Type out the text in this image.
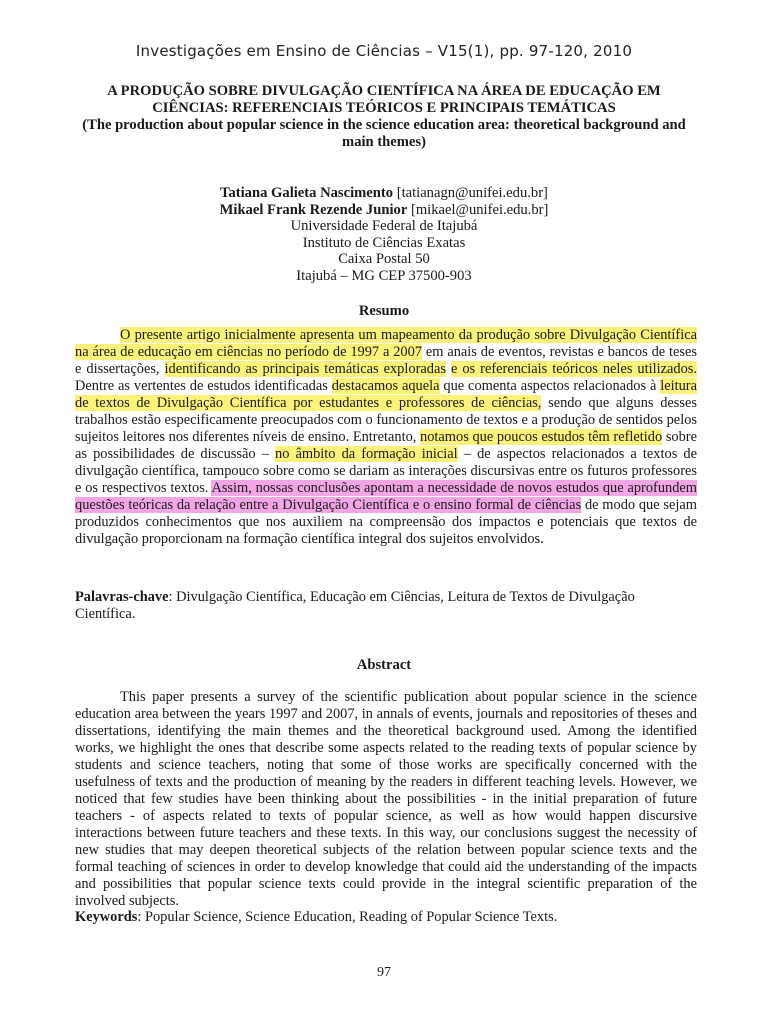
Investigações em Ensino de Ciências – V15(1), pp. 97-120, 2010
A PRODUÇÃO SOBRE DIVULGAÇÃO CIENTÍFICA NA ÁREA DE EDUCAÇÃO EM CIÊNCIAS: REFERENCIAIS TEÓRICOS E PRINCIPAIS TEMÁTICAS
(The production about popular science in the science education area: theoretical background and main themes)
Tatiana Galieta Nascimento [tatianagn@unifei.edu.br]
Mikael Frank Rezende Junior [mikael@unifei.edu.br]
Universidade Federal de Itajubá
Instituto de Ciências Exatas
Caixa Postal 50
Itajubá – MG CEP 37500-903
Resumo

O presente artigo inicialmente apresenta um mapeamento da produção sobre Divulgação Científica na área de educação em ciências no período de 1997 a 2007 em anais de eventos, revistas e bancos de teses e dissertações, identificando as principais temáticas exploradas e os referenciais teóricos neles utilizados. Dentre as vertentes de estudos identificadas destacamos aquela que comenta aspectos relacionados à leitura de textos de Divulgação Científica por estudantes e professores de ciências, sendo que alguns desses trabalhos estão especificamente preocupados com o funcionamento de textos e a produção de sentidos pelos sujeitos leitores nos diferentes níveis de ensino. Entretanto, notamos que poucos estudos têm refletido sobre as possibilidades de discussão – no âmbito da formação inicial – de aspectos relacionados a textos de divulgação científica, tampouco sobre como se dariam as interações discursivas entre os futuros professores e os respectivos textos. Assim, nossas conclusões apontam a necessidade de novos estudos que aprofundem questões teóricas da relação entre a Divulgação Científica e o ensino formal de ciências de modo que sejam produzidos conhecimentos que nos auxiliem na compreensão dos impactos e potenciais que textos de divulgação proporcionam na formação científica integral dos sujeitos envolvidos.

Palavras-chave: Divulgação Científica, Educação em Ciências, Leitura de Textos de Divulgação Científica.
Abstract

This paper presents a survey of the scientific publication about popular science in the science education area between the years 1997 and 2007, in annals of events, journals and repositories of theses and dissertations, identifying the main themes and the theoretical background used. Among the identified works, we highlight the ones that describe some aspects related to the reading texts of popular science by students and science teachers, noting that some of those works are specifically concerned with the usefulness of texts and the production of meaning by the readers in different teaching levels. However, we noticed that few studies have been thinking about the possibilities - in the initial preparation of future teachers - of aspects related to texts of popular science, as well as how would happen discursive interactions between future teachers and these texts. In this way, our conclusions suggest the necessity of new studies that may deepen theoretical subjects of the relation between popular science texts and the formal teaching of sciences in order to develop knowledge that could aid the understanding of the impacts and possibilities that popular science texts could provide in the integral scientific preparation of the involved subjects.

Keywords: Popular Science, Science Education, Reading of Popular Science Texts.
97
